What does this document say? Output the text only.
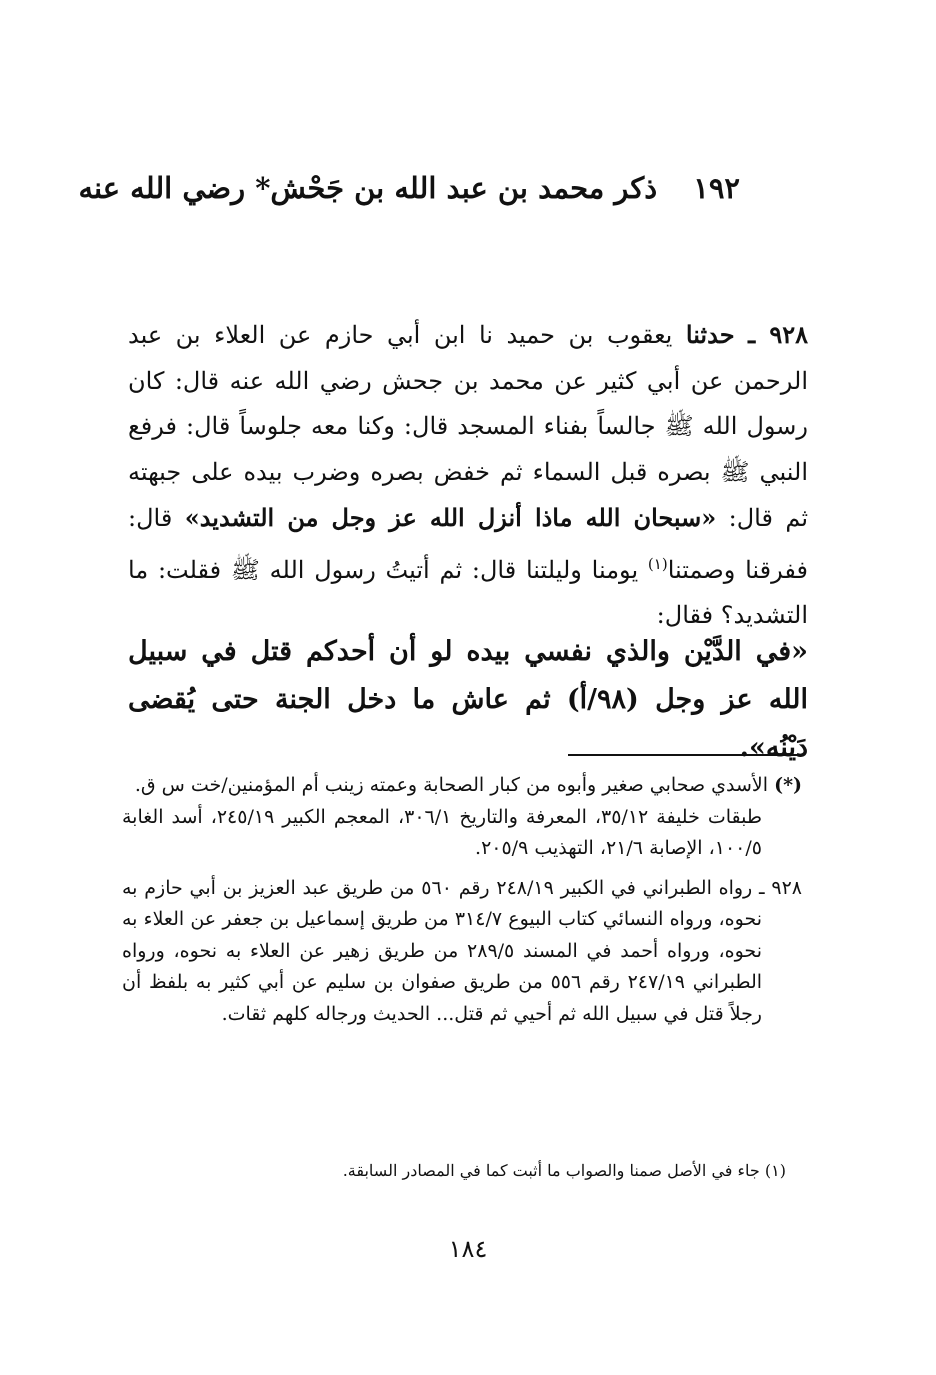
١٩٢ ذكر محمد بن عبد الله بن جَحْش* رضي الله عنه

٩٢٨ ـ حدثنا يعقوب بن حميد نا ابن أبي حازم عن العلاء بن عبد الرحمن عن أبي كثير عن محمد بن جحش رضي الله عنه قال: كان رسول الله ﷺ جالساً بفناء المسجد قال: وكنا معه جلوساً قال: فرفع النبي ﷺ بصره قبل السماء ثم خفض بصره وضرب بيده على جبهته ثم قال: «سبحان الله ماذا أنزل الله عز وجل من التشديد» قال: ففرقنا وصمتنا$^{(١)}$ يومنا وليلتنا قال: ثم أتيتُ رسول الله ﷺ فقلت: ما التشديد؟ فقال:

«في الدَّيْن والذي نفسي بيده لو أن أحدكم قتل في سبيل الله عز وجل (٩٨/أ) ثم عاش ما دخل الجنة حتى يُقضى دَيْنُه».

(*) الأسدي صحابي صغير وأبوه من كبار الصحابة وعمته زينب أم المؤمنين/خت س ق.
طبقات خليفة ٣٥/١٢، المعرفة والتاريخ ٣٠٦/١، المعجم الكبير ٢٤٥/١٩، أسد الغابة ١٠٠/٥، الإصابة ٢١/٦، التهذيب ٢٠٥/٩.

٩٢٨ ـ رواه الطبراني في الكبير ٢٤٨/١٩ رقم ٥٦٠ من طريق عبد العزيز بن أبي حازم به نحوه، ورواه النسائي كتاب البيوع ٣١٤/٧ من طريق إسماعيل بن جعفر عن العلاء به نحوه، ورواه أحمد في المسند ٢٨٩/٥ من طريق زهير عن العلاء به نحوه، ورواه الطبراني ٢٤٧/١٩ رقم ٥٥٦ من طريق صفوان بن سليم عن أبي كثير به بلفظ أن رجلاً قتل في سبيل الله ثم أحيي ثم قتل... الحديث ورجاله كلهم ثقات.

(١) جاء في الأصل صمنا والصواب ما أثبت كما في المصادر السابقة.
١٨٤
